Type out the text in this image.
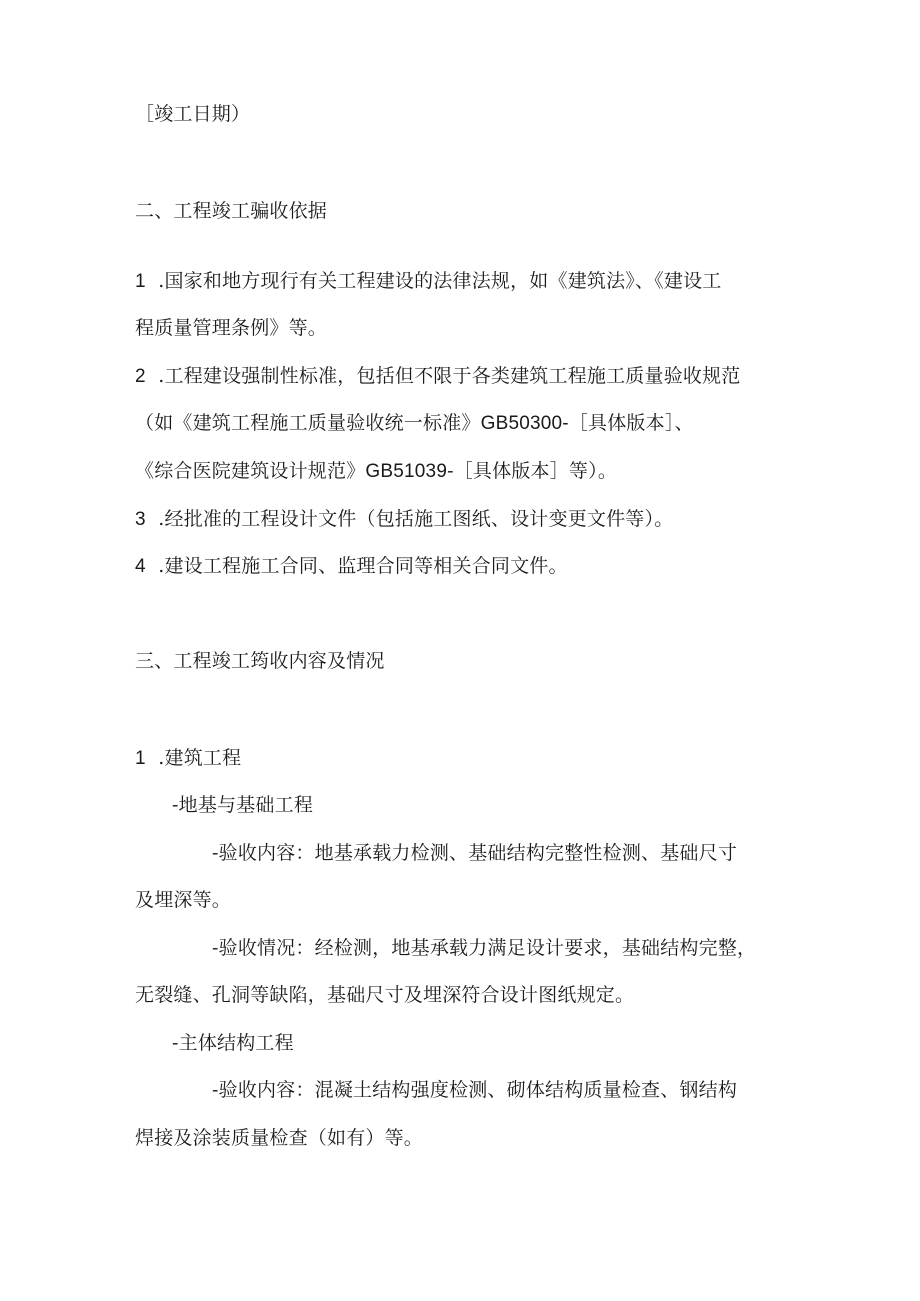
［竣工日期）
二、工程竣工骗收依据
1 .国家和地方现行有关工程建设的法律法规，如《建筑法》、《建设工
程质量管理条例》等。
2 .工程建设强制性标准，包括但不限于各类建筑工程施工质量验收规范
（如《建筑工程施工质量验收统一标准》GB50300-［具体版本］、
《综合医院建筑设计规范》GB51039-［具体版本］等）。
3 .经批准的工程设计文件（包括施工图纸、设计变更文件等）。
4 .建设工程施工合同、监理合同等相关合同文件。
三、工程竣工筠收内容及情况
1 .建筑工程
-地基与基础工程
-验收内容：地基承载力检测、基础结构完整性检测、基础尺寸
及埋深等。
-验收情况：经检测，地基承载力满足设计要求，基础结构完整，
无裂缝、孔洞等缺陷，基础尺寸及埋深符合设计图纸规定。
-主体结构工程
-验收内容：混凝土结构强度检测、砌体结构质量检查、钢结构
焊接及涂装质量检查（如有）等。
